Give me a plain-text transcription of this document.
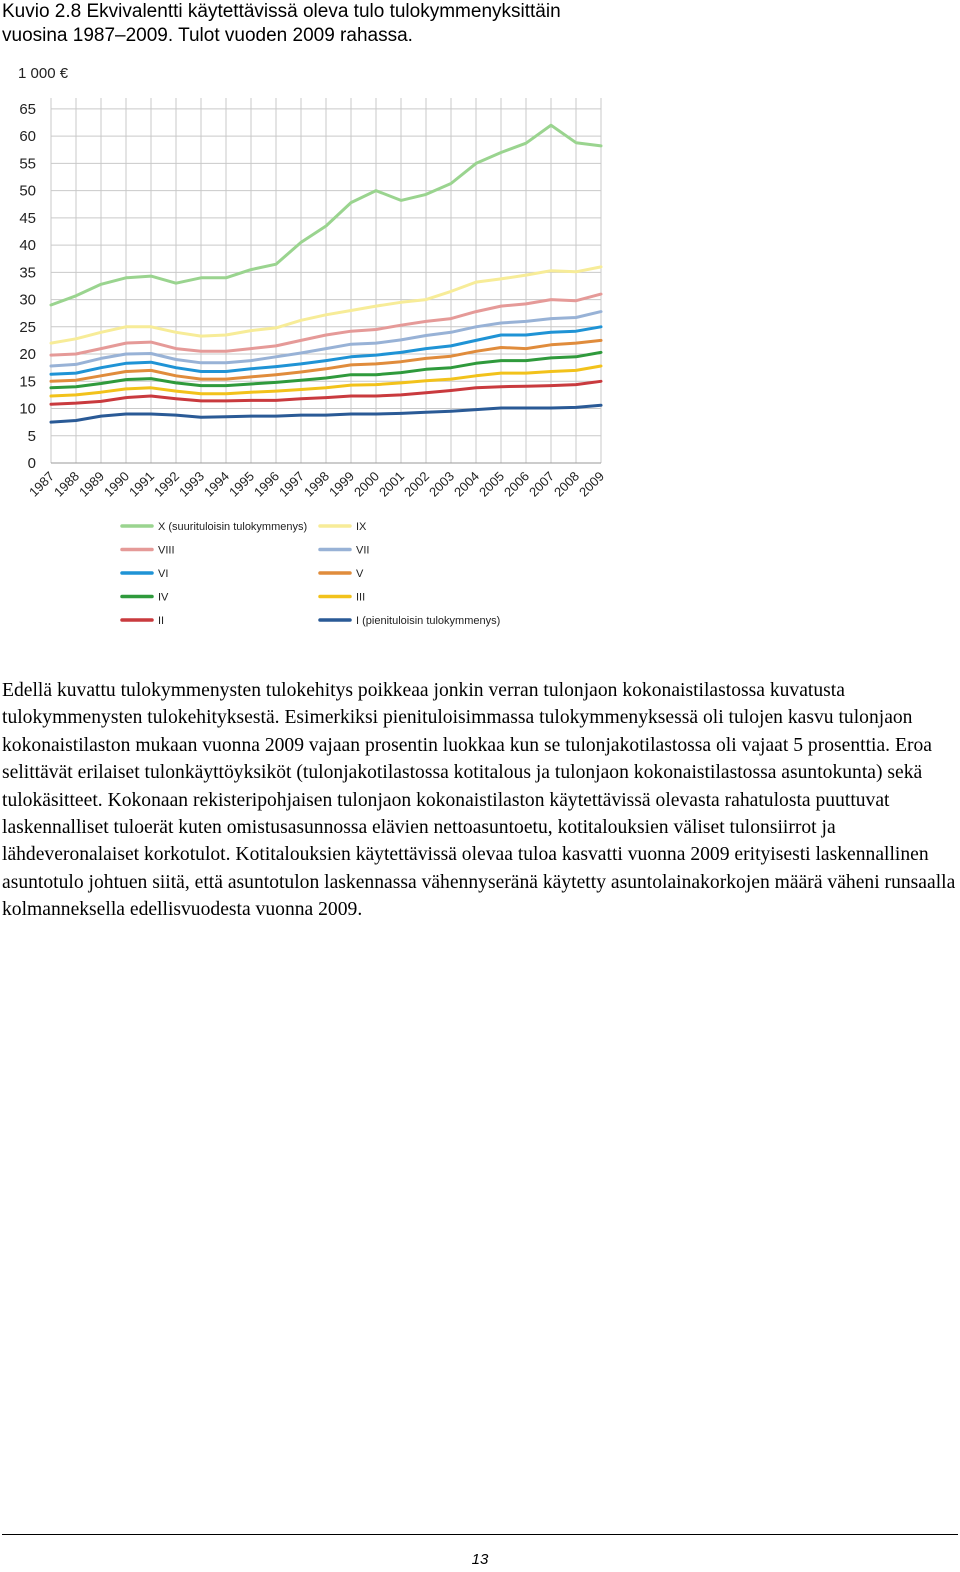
Kuvio 2.8 Ekvivalentti käytettävissä oleva tulo tulokymmenyksittäin
vuosina 1987–2009. Tulot vuoden 2009 rahassa.
1 000 €
0
5
10
15
20
25
30
35
40
45
50
55
60
65
1987
1988
1989
1990
1991
1992
1993
1994
1995
1996
1997
1998
1999
2000
2001
2002
2003
2004
2005
2006
2007
2008
2009
X (suurituloisin tulokymmenys)	IX
VIII	VII
VI	V
IV	III
II	I (pienituloisin tulokymmenys)

Edellä kuvattu tulokymmenysten tulokehitys poikkeaa jonkin verran tulonjaon kokonaistilastossa kuvatusta tulokymmenysten tulokehityksestä. Esimerkiksi pienituloisimmassa tulokymmenyksessä oli tulojen kasvu tulonjaon kokonaistilaston mukaan vuonna 2009 vajaan prosentin luokkaa kun se tulonjakotilastossa oli vajaat 5 prosenttia. Eroa selittävät erilaiset tulonkäyttöyksiköt (tulonjakotilastossa kotitalous ja tulonjaon kokonaistilastossa asuntokunta) sekä tulokäsitteet. Kokonaan rekisteripohjaisen tulonjaon kokonaistilaston käytettävissä olevasta rahatulosta puuttuvat laskennalliset tuloerät kuten omistusasunnossa elävien nettoasuntoetu, kotitalouksien väliset tulonsiirrot ja lähdeveronalaiset korkotulot. Kotitalouksien käytettävissä olevaa tuloa kasvatti vuonna 2009 erityisesti laskennallinen asuntotulo johtuen siitä, että asuntotulon laskennassa vähennyseränä käytetty asuntolainakorkojen määrä väheni runsaalla kolmanneksella edellisvuodesta vuonna 2009.

13
